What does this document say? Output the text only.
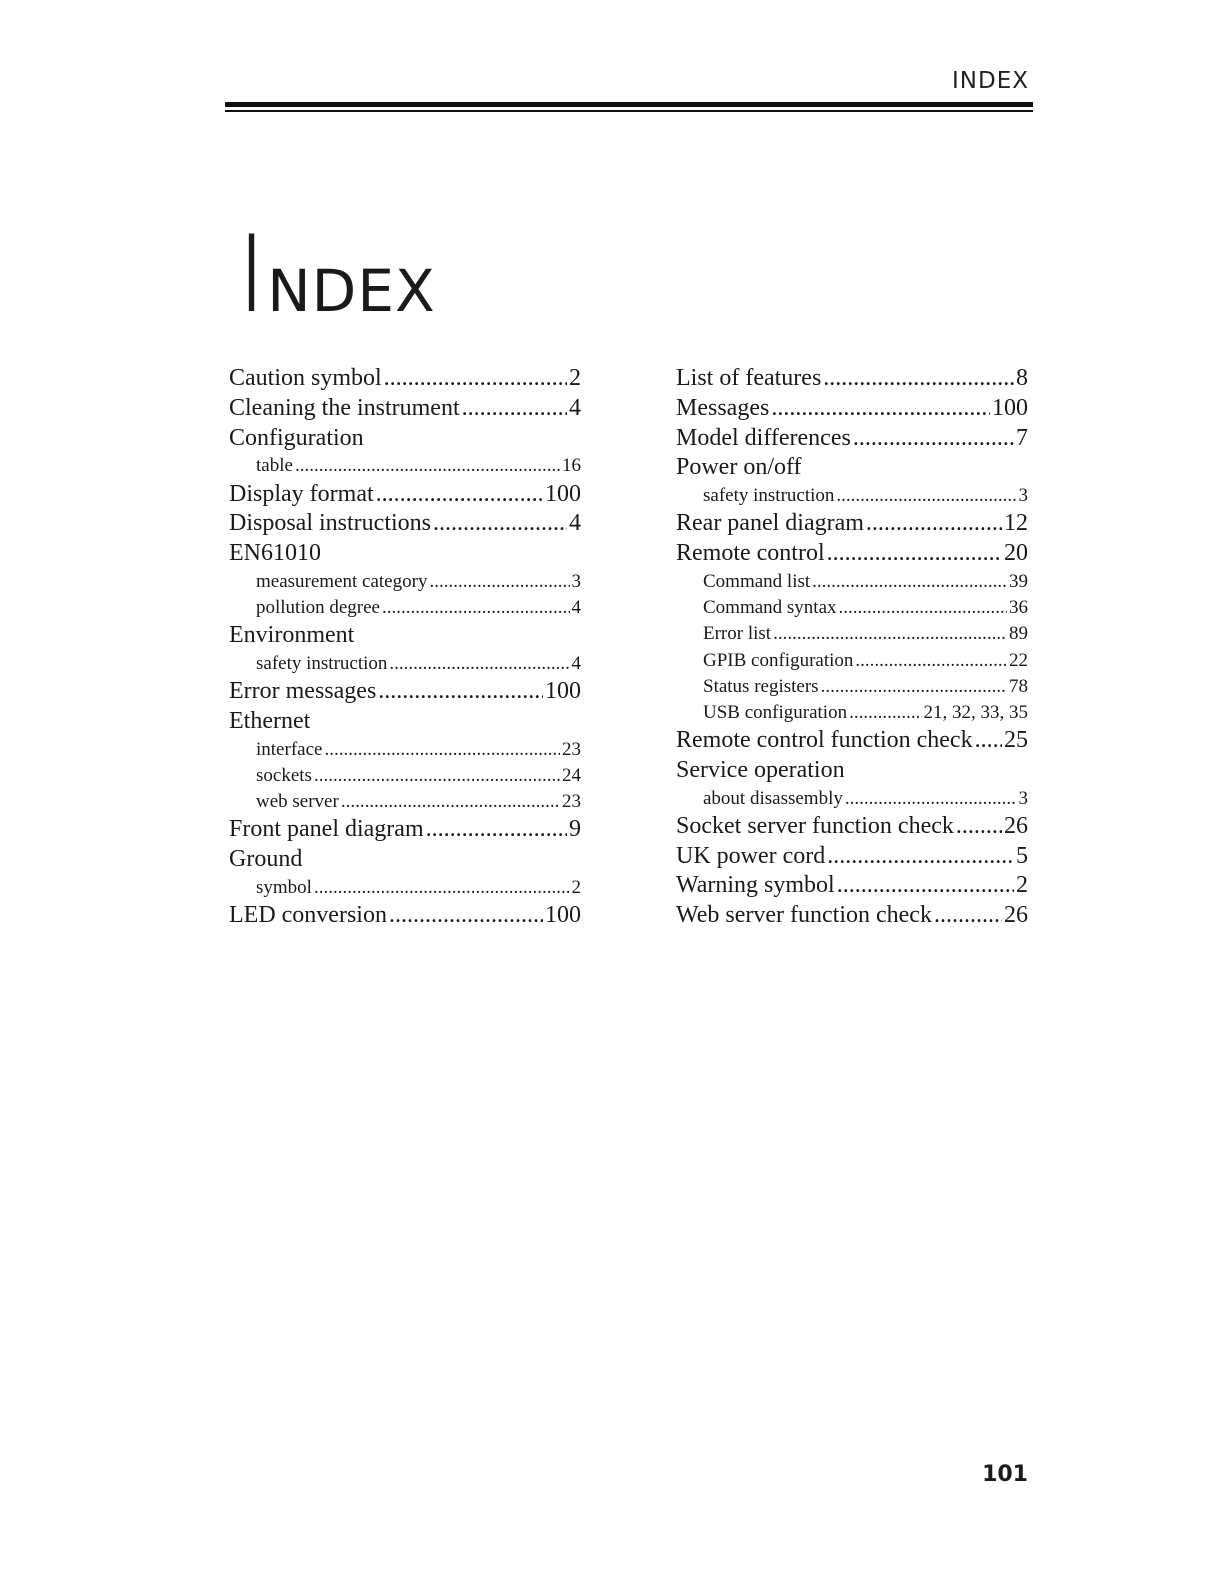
INDEX
INDEX
Caution symbol .....	2
Cleaning the instrument .....	4
Configuration
table .....	16
Display format .....	100
Disposal instructions .....	4
EN61010
measurement category .....	3
pollution degree .....	4
Environment
safety instruction .....	4
Error messages .....	100
Ethernet
interface .....	23
sockets .....	24
web server .....	23
Front panel diagram .....	9
Ground
symbol .....	2
LED conversion .....	100
List of features .....	8
Messages .....	100
Model differences .....	7
Power on/off
safety instruction .....	3
Rear panel diagram .....	12
Remote control .....	20
Command list .....	39
Command syntax .....	36
Error list .....	89
GPIB configuration .....	22
Status registers .....	78
USB configuration .....	21, 32, 33, 35
Remote control function check ..... 25
Service operation
about disassembly .....	3
Socket server function check ..... 26
UK power cord .....	5
Warning symbol .....	2
Web server function check .....	26
101
